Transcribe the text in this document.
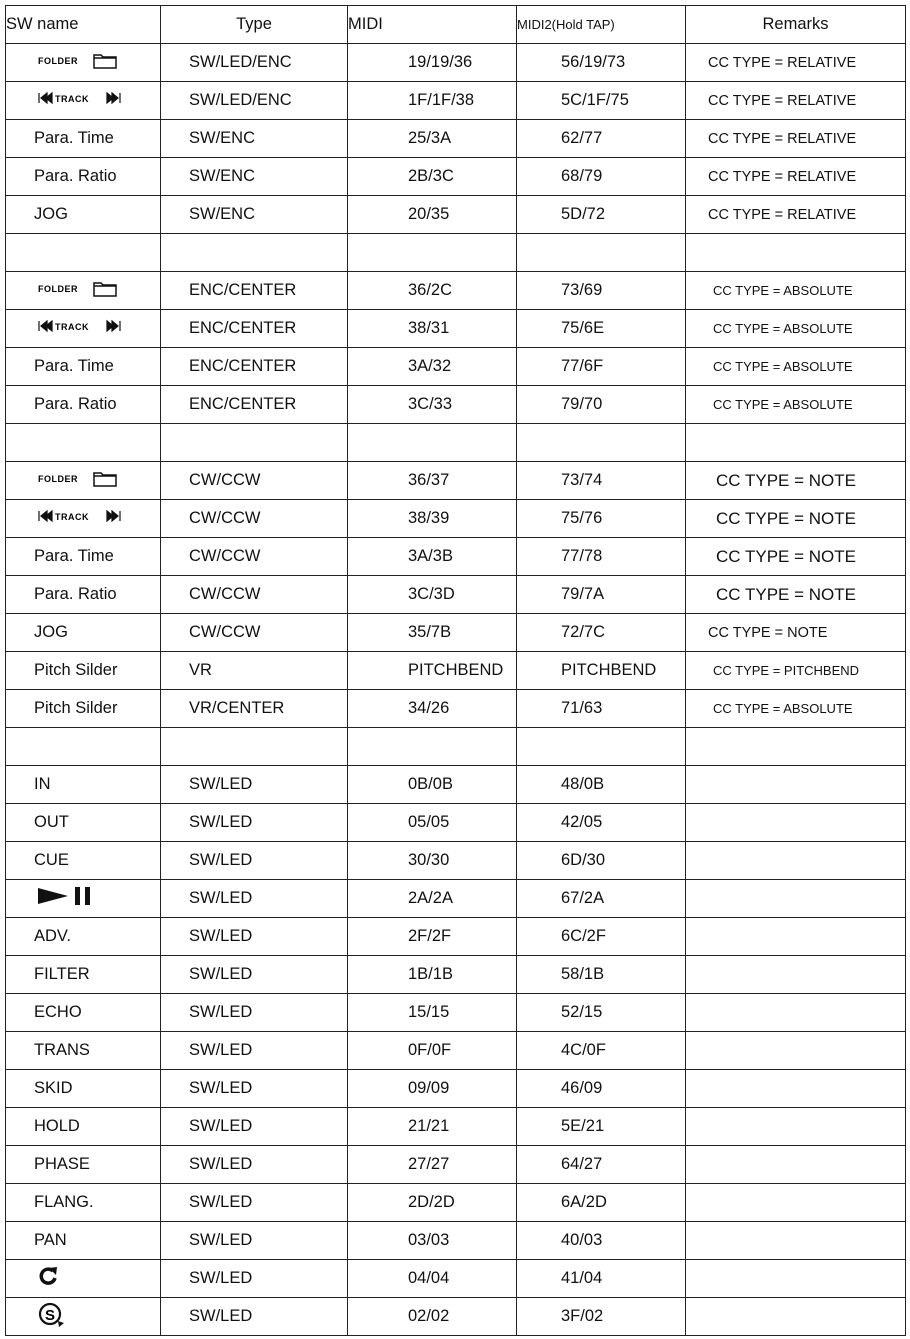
SW name	Type	MIDI	MIDI2(Hold TAP)	Remarks

FOLDER	SW/LED/ENC	19/19/36	56/19/73	CC TYPE = RELATIVE

TRACK	SW/LED/ENC	1F/1F/38	5C/1F/75	CC TYPE = RELATIVE
Para. Time	SW/ENC	25/3A	62/77	CC TYPE = RELATIVE
Para. Ratio	SW/ENC	2B/3C	68/79	CC TYPE = RELATIVE
JOG	SW/ENC	20/35	5D/72	CC TYPE = RELATIVE

FOLDER	ENC/CENTER	36/2C	73/69	CC TYPE = ABSOLUTE

TRACK	ENC/CENTER	38/31	75/6E	CC TYPE = ABSOLUTE
Para. Time	ENC/CENTER	3A/32	77/6F	CC TYPE = ABSOLUTE
Para. Ratio	ENC/CENTER	3C/33	79/70	CC TYPE = ABSOLUTE

FOLDER	CW/CCW	36/37	73/74	CC TYPE = NOTE

TRACK	CW/CCW	38/39	75/76	CC TYPE = NOTE
Para. Time	CW/CCW	3A/3B	77/78	CC TYPE = NOTE
Para. Ratio	CW/CCW	3C/3D	79/7A	CC TYPE = NOTE
JOG	CW/CCW	35/7B	72/7C	CC TYPE = NOTE
Pitch Silder	VR	PITCHBEND	PITCHBEND	CC TYPE = PITCHBEND
Pitch Silder	VR/CENTER	34/26	71/63	CC TYPE = ABSOLUTE

IN	SW/LED	0B/0B	48/0B	
OUT	SW/LED	05/05	42/05	
CUE	SW/LED	30/30	6D/30	
	SW/LED	2A/2A	67/2A	
ADV.	SW/LED	2F/2F	6C/2F	
FILTER	SW/LED	1B/1B	58/1B	
ECHO	SW/LED	15/15	52/15	
TRANS	SW/LED	0F/0F	4C/0F	
SKID	SW/LED	09/09	46/09	
HOLD	SW/LED	21/21	5E/21	
PHASE	SW/LED	27/27	64/27	
FLANG.	SW/LED	2D/2D	6A/2D	
PAN	SW/LED	03/03	40/03	
	SW/LED	04/04	41/04	

S	SW/LED	02/02	3F/02	
